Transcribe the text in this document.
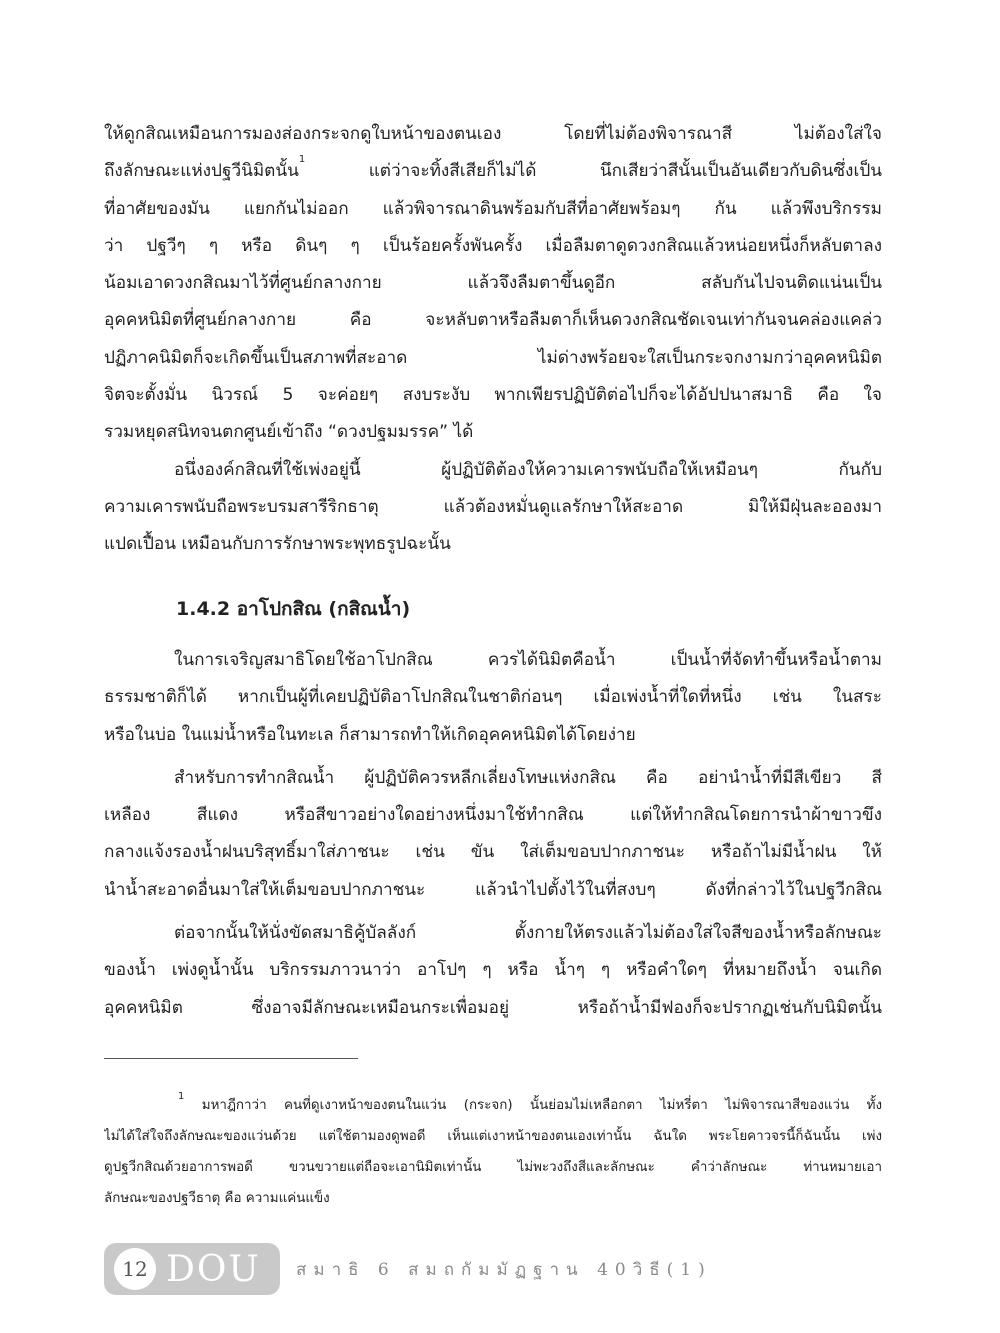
ให้ดูกสิณเหมือนการมองส่องกระจกดูใบหน้าของตนเอง โดยที่ไม่ต้องพิจารณาสี ไม่ต้องใส่ใจ
ถึงลักษณะแห่งปฐวีนิมิตนั้น$^1$ แต่ว่าจะทิ้งสีเสียก็ไม่ได้ นึกเสียว่าสีนั้นเป็นอันเดียวกับดินซึ่งเป็น
ที่อาศัยของมัน แยกกันไม่ออก แล้วพิจารณาดินพร้อมกับสีที่อาศัยพร้อมๆ กัน แล้วพึงบริกรรม
ว่า ปฐวีๆ ๆ หรือ ดินๆ ๆ เป็นร้อยครั้งพันครั้ง เมื่อลืมตาดูดวงกสิณแล้วหน่อยหนึ่งก็หลับตาลง
น้อมเอาดวงกสิณมาไว้ที่ศูนย์กลางกาย แล้วจึงลืมตาขึ้นดูอีก สลับกันไปจนติดแน่นเป็น
อุคคหนิมิตที่ศูนย์กลางกาย คือ จะหลับตาหรือลืมตาก็เห็นดวงกสิณชัดเจนเท่ากันจนคล่องแคล่ว
ปฏิภาคนิมิตก็จะเกิดขึ้นเป็นสภาพที่สะอาด ไม่ด่างพร้อยจะใสเป็นกระจกงามกว่าอุคคหนิมิต
จิตจะตั้งมั่น นิวรณ์ 5 จะค่อยๆ สงบระงับ พากเพียรปฏิบัติต่อไปก็จะได้อัปปนาสมาธิ คือ ใจ
รวมหยุดสนิทจนตกศูนย์เข้าถึง “ดวงปฐมมรรค” ได้
อนึ่งองค์กสิณที่ใช้เพ่งอยู่นี้ ผู้ปฏิบัติต้องให้ความเคารพนับถือให้เหมือนๆ กันกับ
ความเคารพนับถือพระบรมสารีริกธาตุ แล้วต้องหมั่นดูแลรักษาให้สะอาด มิให้มีฝุ่นละอองมา
แปดเปื้อน เหมือนกับการรักษาพระพุทธรูปฉะนั้น
1.4.2 อาโปกสิณ (กสิณน้ำ)
ในการเจริญสมาธิโดยใช้อาโปกสิณ ควรได้นิมิตคือน้ำ เป็นน้ำที่จัดทำขึ้นหรือน้ำตาม
ธรรมชาติก็ได้ หากเป็นผู้ที่เคยปฏิบัติอาโปกสิณในชาติก่อนๆ เมื่อเพ่งน้ำที่ใดที่หนึ่ง เช่น ในสระ
หรือในบ่อ ในแม่น้ำหรือในทะเล ก็สามารถทำให้เกิดอุคคหนิมิตได้โดยง่าย
สำหรับการทำกสิณน้ำ ผู้ปฏิบัติควรหลีกเลี่ยงโทษแห่งกสิณ คือ อย่านำน้ำที่มีสีเขียว สี
เหลือง สีแดง หรือสีขาวอย่างใดอย่างหนึ่งมาใช้ทำกสิณ แต่ให้ทำกสิณโดยการนำผ้าขาวขึง
กลางแจ้งรองน้ำฝนบริสุทธิ์มาใส่ภาชนะ เช่น ขัน ใส่เต็มขอบปากภาชนะ หรือถ้าไม่มีน้ำฝน ให้
นำน้ำสะอาดอื่นมาใส่ให้เต็มขอบปากภาชนะ แล้วนำไปตั้งไว้ในที่สงบๆ ดังที่กล่าวไว้ในปฐวีกสิณ
ต่อจากนั้นให้นั่งขัดสมาธิคู้บัลลังก์ ตั้งกายให้ตรงแล้วไม่ต้องใส่ใจสีของน้ำหรือลักษณะ
ของน้ำ เพ่งดูน้ำนั้น บริกรรมภาวนาว่า อาโปๆ ๆ หรือ น้ำๆ ๆ หรือคำใดๆ ที่หมายถึงน้ำ จนเกิด
อุคคหนิมิต ซึ่งอาจมีลักษณะเหมือนกระเพื่อมอยู่ หรือถ้าน้ำมีฟองก็จะปรากฏเช่นกับนิมิตนั้น
$^1$ มหาฎีกาว่า คนที่ดูเงาหน้าของตนในแว่น (กระจก) นั้นย่อมไม่เหลือกตา ไม่หรี่ตา ไม่พิจารณาสีของแว่น ทั้ง
ไม่ได้ใส่ใจถึงลักษณะของแว่นด้วย แต่ใช้ตามองดูพอดี เห็นแต่เงาหน้าของตนเองเท่านั้น ฉันใด พระโยคาวจรนี้ก็ฉันนั้น เพ่ง
ดูปฐวีกสิณด้วยอาการพอดี ขวนขวายแต่ถือจะเอานิมิตเท่านั้น ไม่พะวงถึงสีและลักษณะ คำว่าลักษณะ ท่านหมายเอา
ลักษณะของปฐวีธาตุ คือ ความแค่นแข็ง
12 DOU สมาธิ 6 สมถกัมมัฏฐาน 40วิธี(1)
